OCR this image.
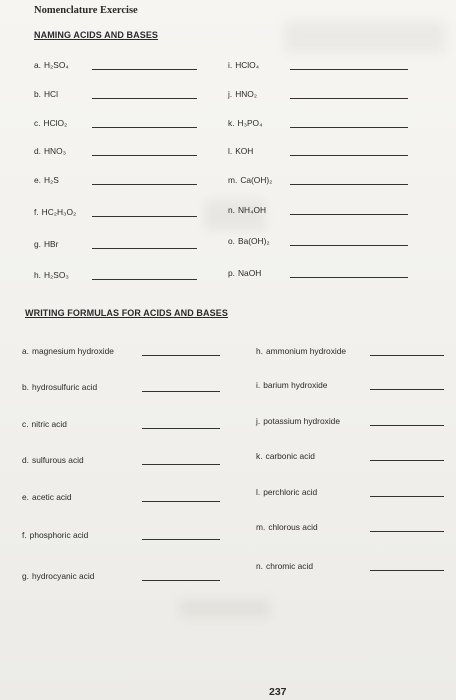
Nomenclature Exercise
NAMING ACIDS AND BASES
a. H₂SO₄
b. HCl
c. HClO₂
d. HNO₃
e. H₂S
f. HC₂H₃O₂
g. HBr
h. H₂SO₃
i. HClO₄
j. HNO₂
k. H₃PO₄
l. KOH
m. Ca(OH)₂
n. NH₄OH
o. Ba(OH)₂
p. NaOH
WRITING FORMULAS FOR ACIDS AND BASES
a. magnesium hydroxide
b. hydrosulfuric acid
c. nitric acid
d. sulfurous acid
e. acetic acid
f. phosphoric acid
g. hydrocyanic acid
h. ammonium hydroxide
i. barium hydroxide
j. potassium hydroxide
k. carbonic acid
l. perchloric acid
m. chlorous acid
n. chromic acid
237
